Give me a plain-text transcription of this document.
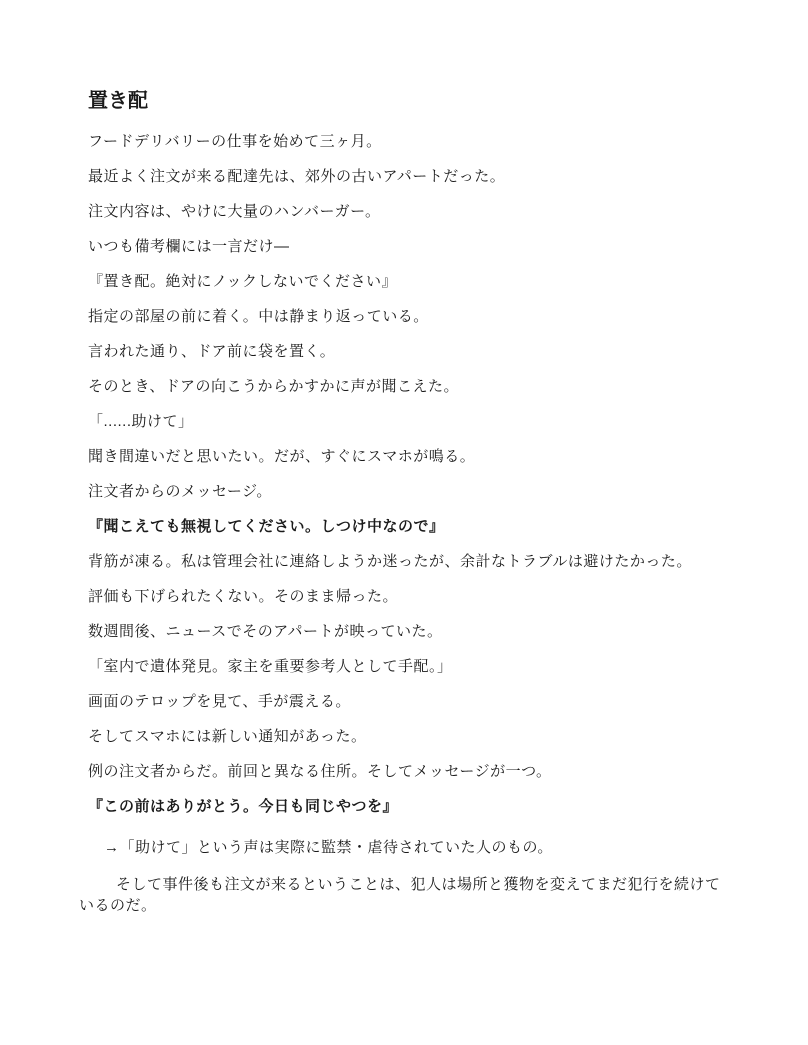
置き配

フードデリバリーの仕事を始めて三ヶ月。

最近よく注文が来る配達先は、郊外の古いアパートだった。

注文内容は、やけに大量のハンバーガー。

いつも備考欄には一言だけ—

『置き配。絶対にノックしないでください』

指定の部屋の前に着く。中は静まり返っている。

言われた通り、ドア前に袋を置く。

そのとき、ドアの向こうからかすかに声が聞こえた。

「......助けて」

聞き間違いだと思いたい。だが、すぐにスマホが鳴る。

注文者からのメッセージ。

『聞こえても無視してください。しつけ中なので』

背筋が凍る。私は管理会社に連絡しようか迷ったが、余計なトラブルは避けたかった。

評価も下げられたくない。そのまま帰った。

数週間後、ニュースでそのアパートが映っていた。

「室内で遺体発見。家主を重要参考人として手配。」

画面のテロップを見て、手が震える。

そしてスマホには新しい通知があった。

例の注文者からだ。前回と異なる住所。そしてメッセージが一つ。

『この前はありがとう。今日も同じやつを』

→「助けて」という声は実際に監禁・虐待されていた人のもの。

そして事件後も注文が来るということは、犯人は場所と獲物を変えてまだ犯行を続けているのだ。
